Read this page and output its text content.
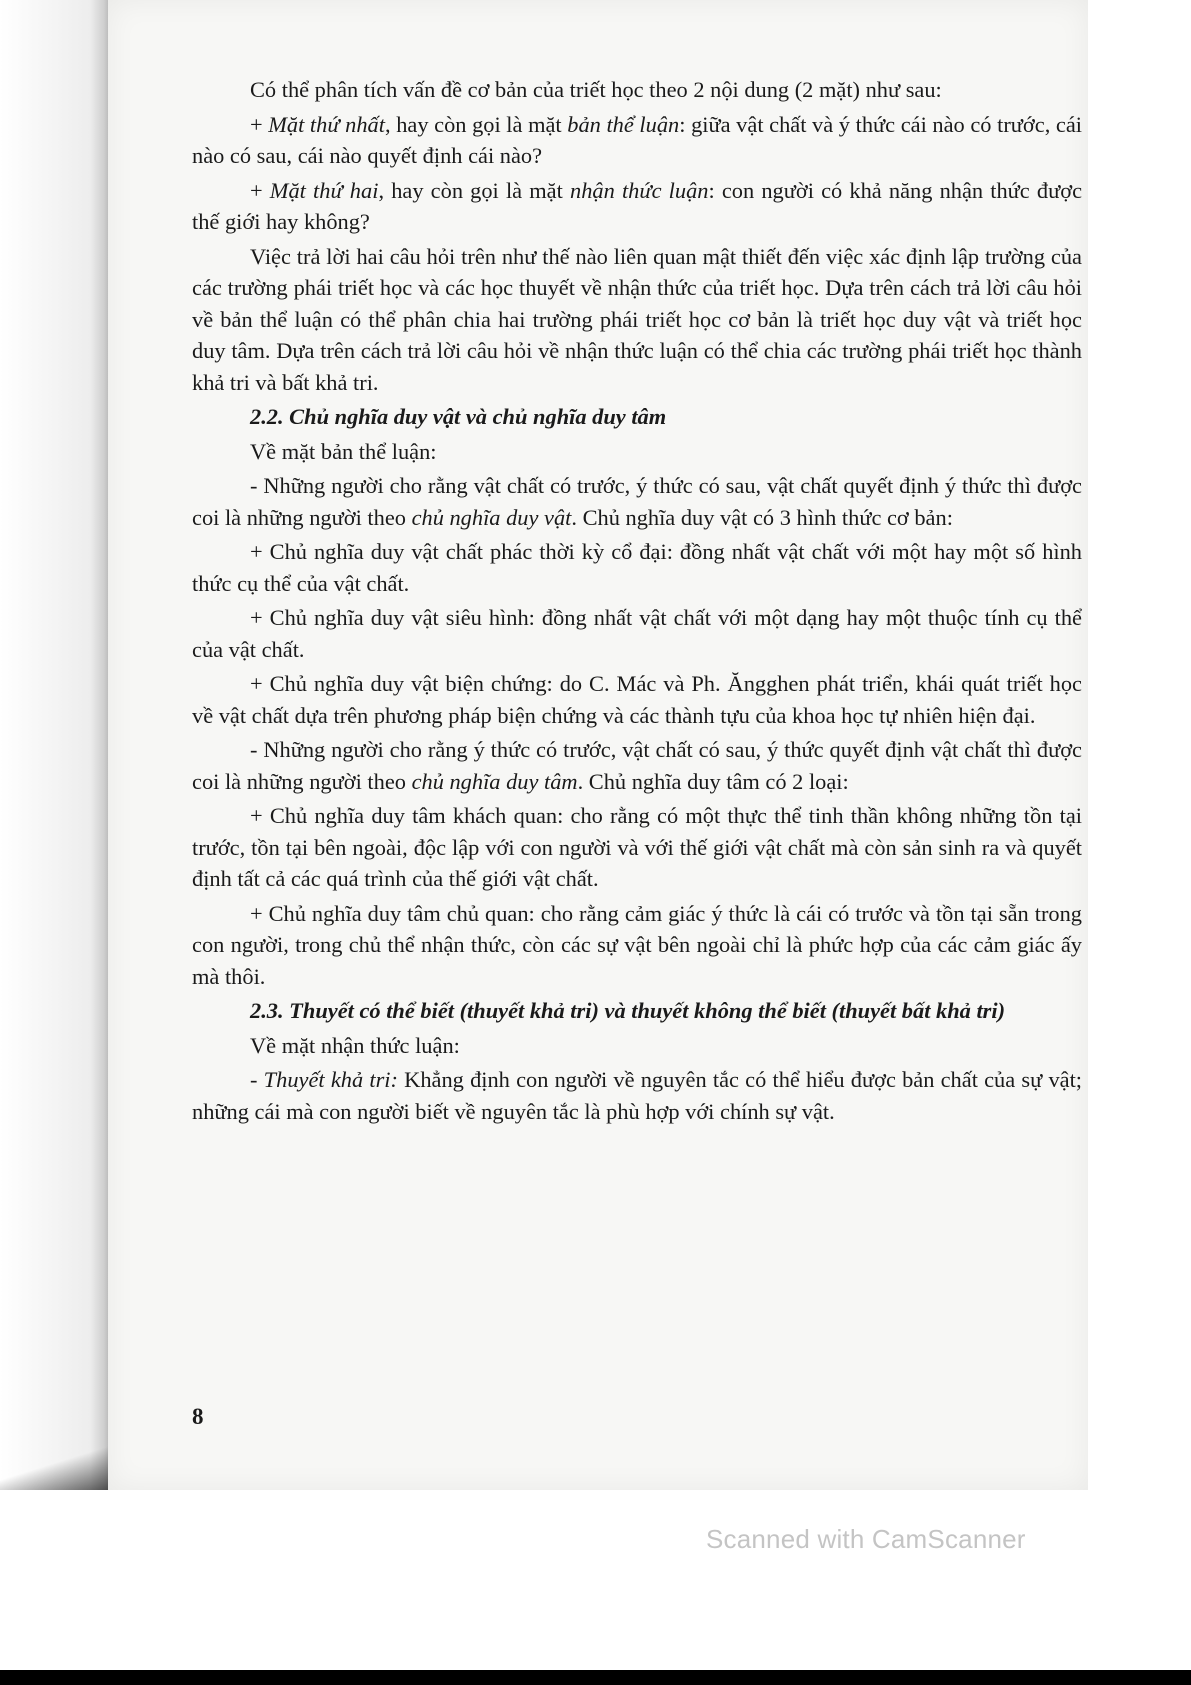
Có thể phân tích vấn đề cơ bản của triết học theo 2 nội dung (2 mặt) như sau:

+ Mặt thứ nhất, hay còn gọi là mặt bản thể luận: giữa vật chất và ý thức cái nào có trước, cái nào có sau, cái nào quyết định cái nào?

+ Mặt thứ hai, hay còn gọi là mặt nhận thức luận: con người có khả năng nhận thức được thế giới hay không?

Việc trả lời hai câu hỏi trên như thế nào liên quan mật thiết đến việc xác định lập trường của các trường phái triết học và các học thuyết về nhận thức của triết học. Dựa trên cách trả lời câu hỏi về bản thể luận có thể phân chia hai trường phái triết học cơ bản là triết học duy vật và triết học duy tâm. Dựa trên cách trả lời câu hỏi về nhận thức luận có thể chia các trường phái triết học thành khả tri và bất khả tri.

2.2. Chủ nghĩa duy vật và chủ nghĩa duy tâm

Về mặt bản thể luận:

- Những người cho rằng vật chất có trước, ý thức có sau, vật chất quyết định ý thức thì được coi là những người theo chủ nghĩa duy vật. Chủ nghĩa duy vật có 3 hình thức cơ bản:

+ Chủ nghĩa duy vật chất phác thời kỳ cổ đại: đồng nhất vật chất với một hay một số hình thức cụ thể của vật chất.

+ Chủ nghĩa duy vật siêu hình: đồng nhất vật chất với một dạng hay một thuộc tính cụ thể của vật chất.

+ Chủ nghĩa duy vật biện chứng: do C. Mác và Ph. Ăngghen phát triển, khái quát triết học về vật chất dựa trên phương pháp biện chứng và các thành tựu của khoa học tự nhiên hiện đại.

- Những người cho rằng ý thức có trước, vật chất có sau, ý thức quyết định vật chất thì được coi là những người theo chủ nghĩa duy tâm. Chủ nghĩa duy tâm có 2 loại:

+ Chủ nghĩa duy tâm khách quan: cho rằng có một thực thể tinh thần không những tồn tại trước, tồn tại bên ngoài, độc lập với con người và với thế giới vật chất mà còn sản sinh ra và quyết định tất cả các quá trình của thế giới vật chất.

+ Chủ nghĩa duy tâm chủ quan: cho rằng cảm giác ý thức là cái có trước và tồn tại sẵn trong con người, trong chủ thể nhận thức, còn các sự vật bên ngoài chỉ là phức hợp của các cảm giác ấy mà thôi.

2.3. Thuyết có thể biết (thuyết khả tri) và thuyết không thể biết (thuyết bất khả tri)

Về mặt nhận thức luận:

- Thuyết khả tri: Khẳng định con người về nguyên tắc có thể hiểu được bản chất của sự vật; những cái mà con người biết về nguyên tắc là phù hợp với chính sự vật.

8
Scanned with CamScanner
